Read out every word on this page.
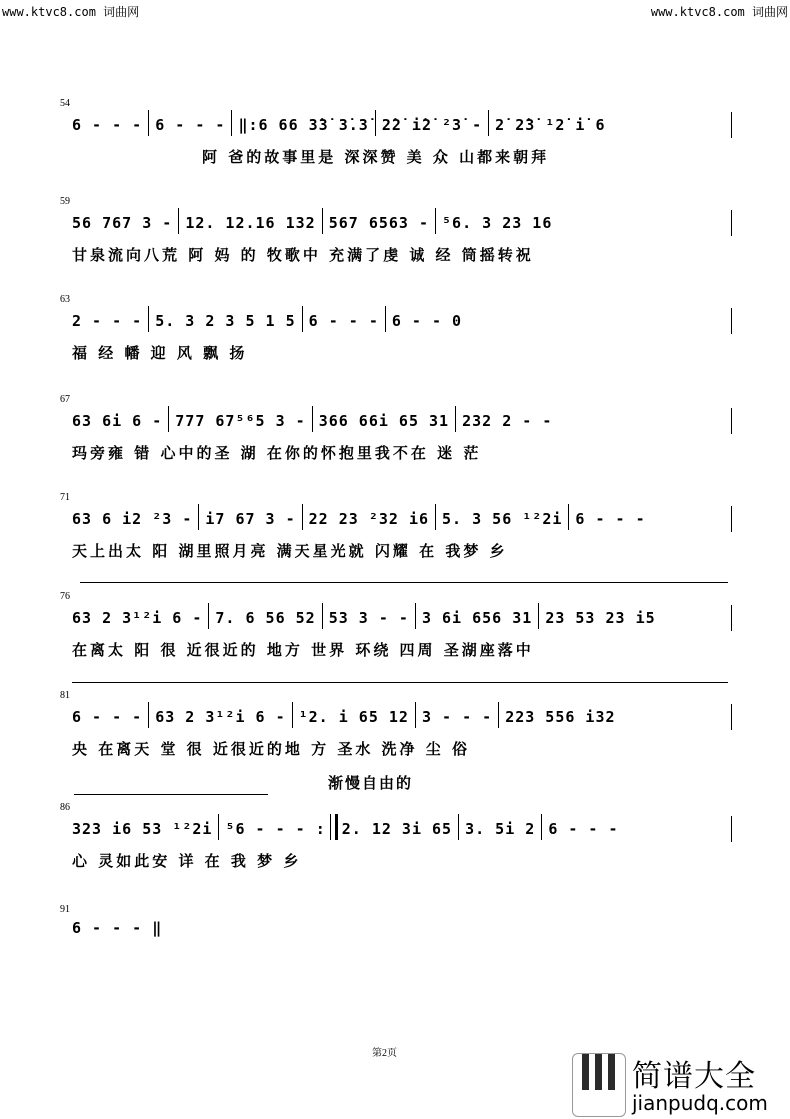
www.ktvc8.com 词曲网	www.ktvc8.com 词曲网
54
6 - - - 6 - - - ‖:6 66 3̇3̇ 3̇.3̇ 2̇2̇ i̇2̇ ²3̇ - 2̇ 2̇3̇ ¹2̇ i̇ 6
阿 爸的故事里是 深深赞 美 众 山都来朝拜
59
56 767 3 - 12. 12.16 132 567 6563 - ⁵6. 3 23 16
甘泉流向八荒 阿 妈 的 牧歌中 充满了虔 诚 经 筒摇转祝
63
2 - - - 5. 3 2 3 5 1 5 6 - - - 6 - - 0
福 经 幡 迎 风 飘 扬
67
63 6i 6 - 777 67⁵⁶5 3 - 366 66i 65 31 232 2 - -
玛旁雍 错 心中的圣 湖 在你的怀抱里我不在 迷 茫
71
63 6 i2 ²3 - i7 67 3 - 22 23 ²32 i6 5. 3 56 ¹²2i 6 - - -
天上出太 阳 湖里照月亮 满天星光就 闪耀 在 我梦 乡
76
63 2 3¹²i 6 - 7. 6 56 52 53 3 - - 3 6i 656 31 23 53 23 i5
在离太 阳 很 近很近的 地方 世界 环绕 四周 圣湖座落中
81
6 - - - 63 2 3¹²i 6 - ¹2. i 65 12 3 - - - 223 556 i32
央 在离天 堂 很 近很近的地 方 圣水 洗净 尘 俗
渐慢自由的
86
323 i6 53 ¹²2i ⁵6 - - - : 2. 12 3i 65 3. 5i 2 6 - - -
心 灵如此安 详 在 我 梦 乡
91
6 - - - ‖
第2页
简谱大全
jianpudq.com
